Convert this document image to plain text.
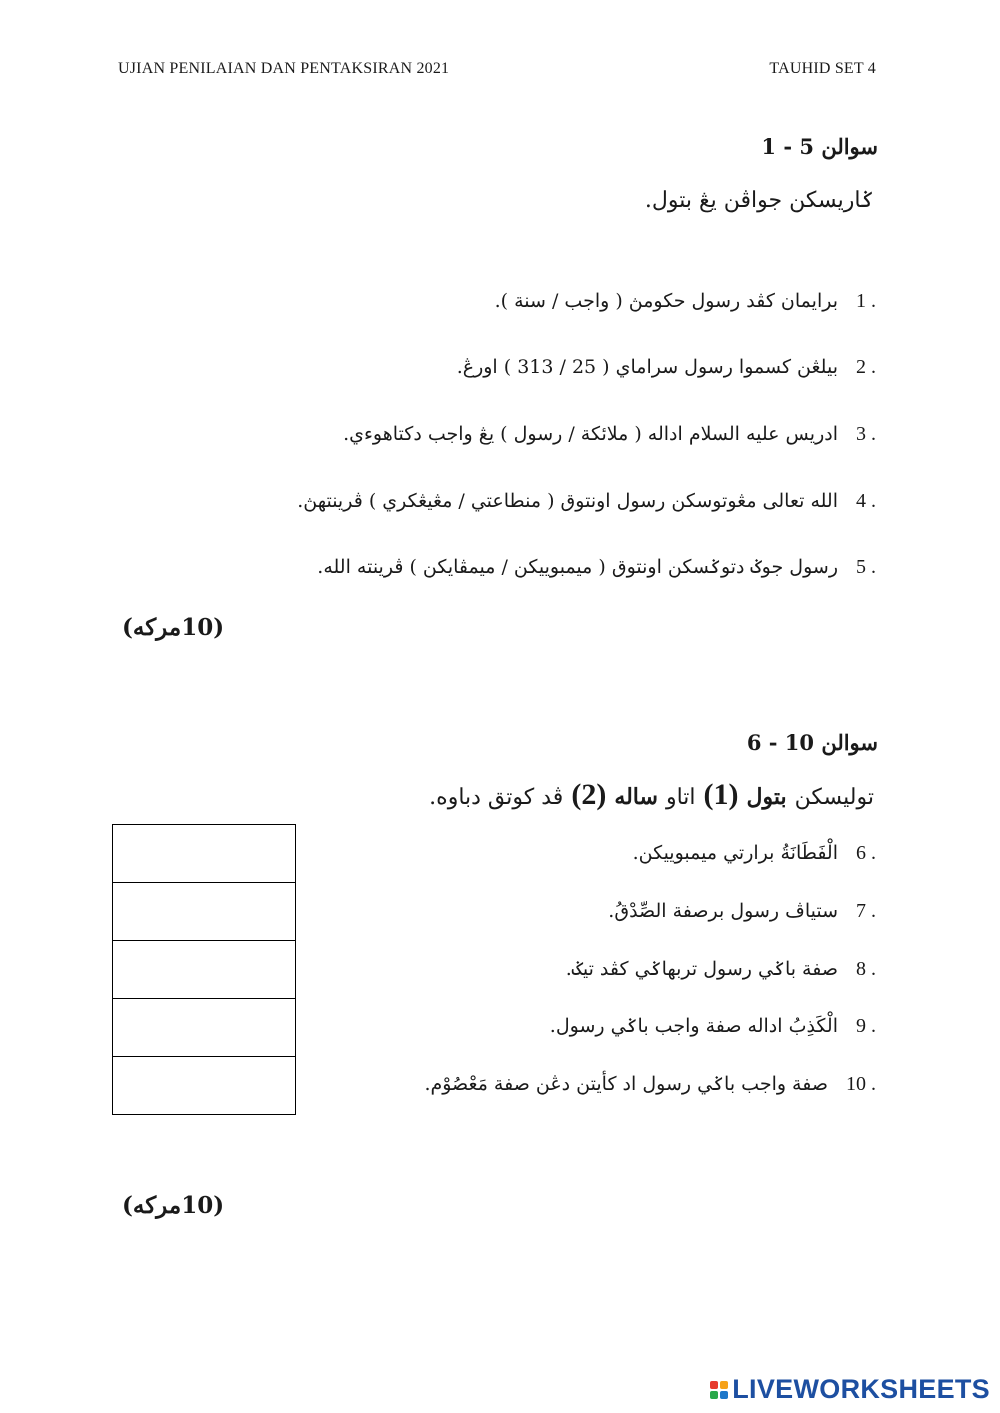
UJIAN PENILAIAN DAN PENTAKSIRAN 2021	TAUHID SET 4
سوالن 5 - 1
ݢاريسکن جواڤن يڠ بتول.
1 .
برايمان کڤد رسول حکومڽ ( واجب / سنة ).
2 .
بيلڠن کسموا رسول سراماي ( 25 / 313 ) اورڠ.
3 .
ادريس عليه السلام اداله ( ملائکة / رسول ) يڠ واجب دکتاهوءي.
4 .
الله تعالى مڠوتوسکن رسول اونتوق ( منطاعتي / مڠيڠکري ) ڤرينتهڽ.
5 .
رسول جوݢ دتوݢسکن اونتوق ( ميمبوييکن / ميمڤايکن ) ڤرينته الله.
(10مرکه)
سوالن 10 - 6
توليسکن
بتول
(1)
اتاو
ساله
(2)
ڤد کوتق دباوه.
6 .
الْفَطَانَةُ برارتي ميمبوييکن.
7 .
ستياڤ رسول برصفة الصِّدْقُ.
8 .
صفة باݢي رسول تربهاݢي کڤد تيݢ.
9 .
الْكَذِبُ اداله صفة واجب باݢي رسول.
10 .
صفة واجب باݢي رسول اد کأيتن دڠن صفة مَعْصُوْم.
(10مرکه)
LIVEWORKSHEETS
